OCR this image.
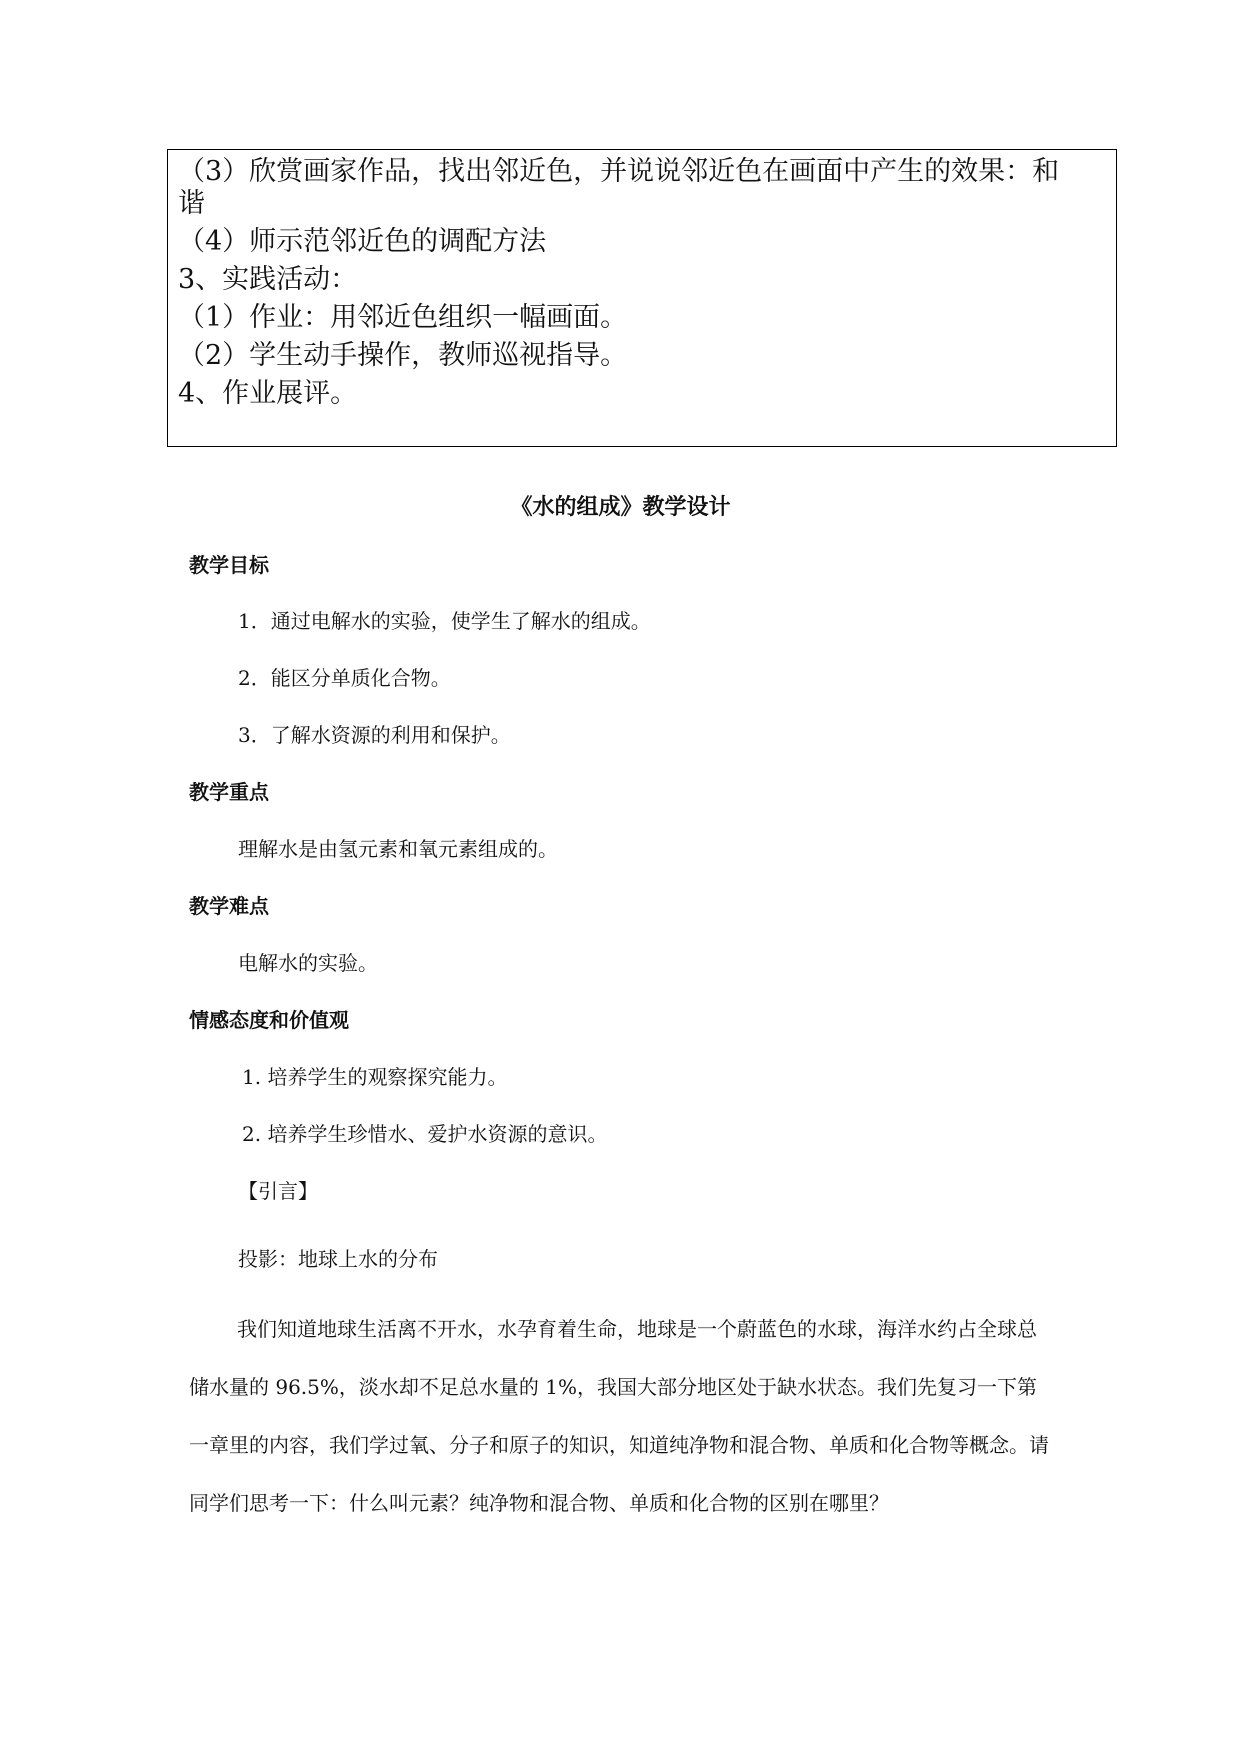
（3）欣赏画家作品，找出邻近色，并说说邻近色在画面中产生的效果：和
谐
（4）师示范邻近色的调配方法
3、实践活动：
（1）作业：用邻近色组织一幅画面。
（2）学生动手操作，教师巡视指导。
4、作业展评。
《水的组成》教学设计
教学目标
1．通过电解水的实验，使学生了解水的组成。
2．能区分单质化合物。
3．了解水资源的利用和保护。
教学重点
理解水是由氢元素和氧元素组成的。
教学难点
电解水的实验。
情感态度和价值观
1. 培养学生的观察探究能力。
2. 培养学生珍惜水、爱护水资源的意识。
【引言】
投影：地球上水的分布
我们知道地球生活离不开水，水孕育着生命，地球是一个蔚蓝色的水球，海洋水约占全球总储水量的 96.5%，淡水却不足总水量的 1%，我国大部分地区处于缺水状态。我们先复习一下第一章里的内容，我们学过氧、分子和原子的知识，知道纯净物和混合物、单质和化合物等概念。请同学们思考一下：什么叫元素？纯净物和混合物、单质和化合物的区别在哪里？
